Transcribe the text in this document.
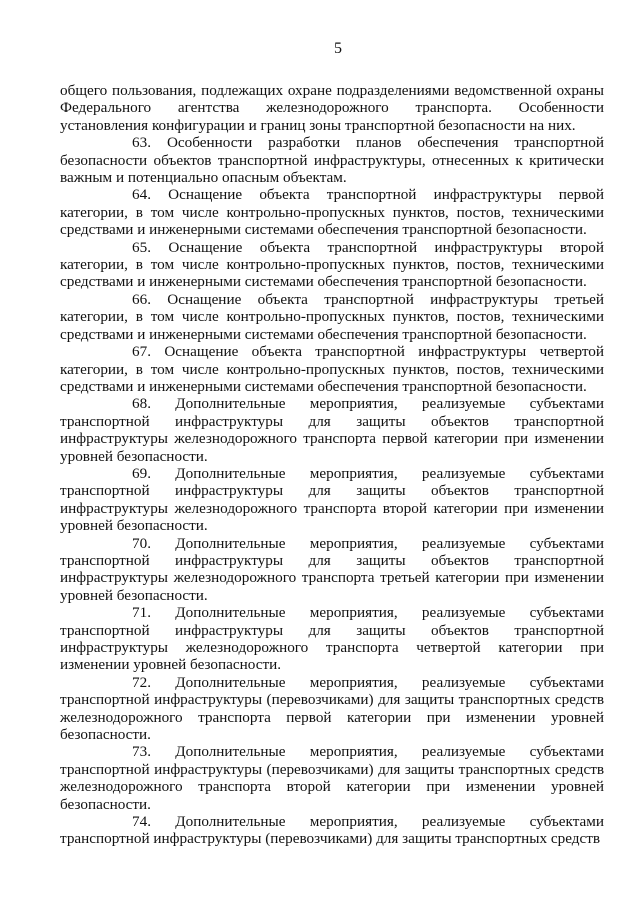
5

общего пользования, подлежащих охране подразделениями ведомственной охраны Федерального агентства железнодорожного транспорта. Особенности установления конфигурации и границ зоны транспортной безопасности на них.

63. Особенности разработки планов обеспечения транспортной безопасности объектов транспортной инфраструктуры, отнесенных к критически важным и потенциально опасным объектам.

64. Оснащение объекта транспортной инфраструктуры первой категории, в том числе контрольно-пропускных пунктов, постов, техническими средствами и инженерными системами обеспечения транспортной безопасности.

65. Оснащение объекта транспортной инфраструктуры второй категории, в том числе контрольно-пропускных пунктов, постов, техническими средствами и инженерными системами обеспечения транспортной безопасности.

66. Оснащение объекта транспортной инфраструктуры третьей категории, в том числе контрольно-пропускных пунктов, постов, техническими средствами и инженерными системами обеспечения транспортной безопасности.

67. Оснащение объекта транспортной инфраструктуры четвертой категории, в том числе контрольно-пропускных пунктов, постов, техническими средствами и инженерными системами обеспечения транспортной безопасности.

68. Дополнительные мероприятия, реализуемые субъектами транспортной инфраструктуры для защиты объектов транспортной инфраструктуры железнодорожного транспорта первой категории при изменении уровней безопасности.

69. Дополнительные мероприятия, реализуемые субъектами транспортной инфраструктуры для защиты объектов транспортной инфраструктуры железнодорожного транспорта второй категории при изменении уровней безопасности.

70. Дополнительные мероприятия, реализуемые субъектами транспортной инфраструктуры для защиты объектов транспортной инфраструктуры железнодорожного транспорта третьей категории при изменении уровней безопасности.

71. Дополнительные мероприятия, реализуемые субъектами транспортной инфраструктуры для защиты объектов транспортной инфраструктуры железнодорожного транспорта четвертой категории при изменении уровней безопасности.

72. Дополнительные мероприятия, реализуемые субъектами транспортной инфраструктуры (перевозчиками) для защиты транспортных средств железнодорожного транспорта первой категории при изменении уровней безопасности.

73. Дополнительные мероприятия, реализуемые субъектами транспортной инфраструктуры (перевозчиками) для защиты транспортных средств железнодорожного транспорта второй категории при изменении уровней безопасности.

74. Дополнительные мероприятия, реализуемые субъектами транспортной инфраструктуры (перевозчиками) для защиты транспортных средств
